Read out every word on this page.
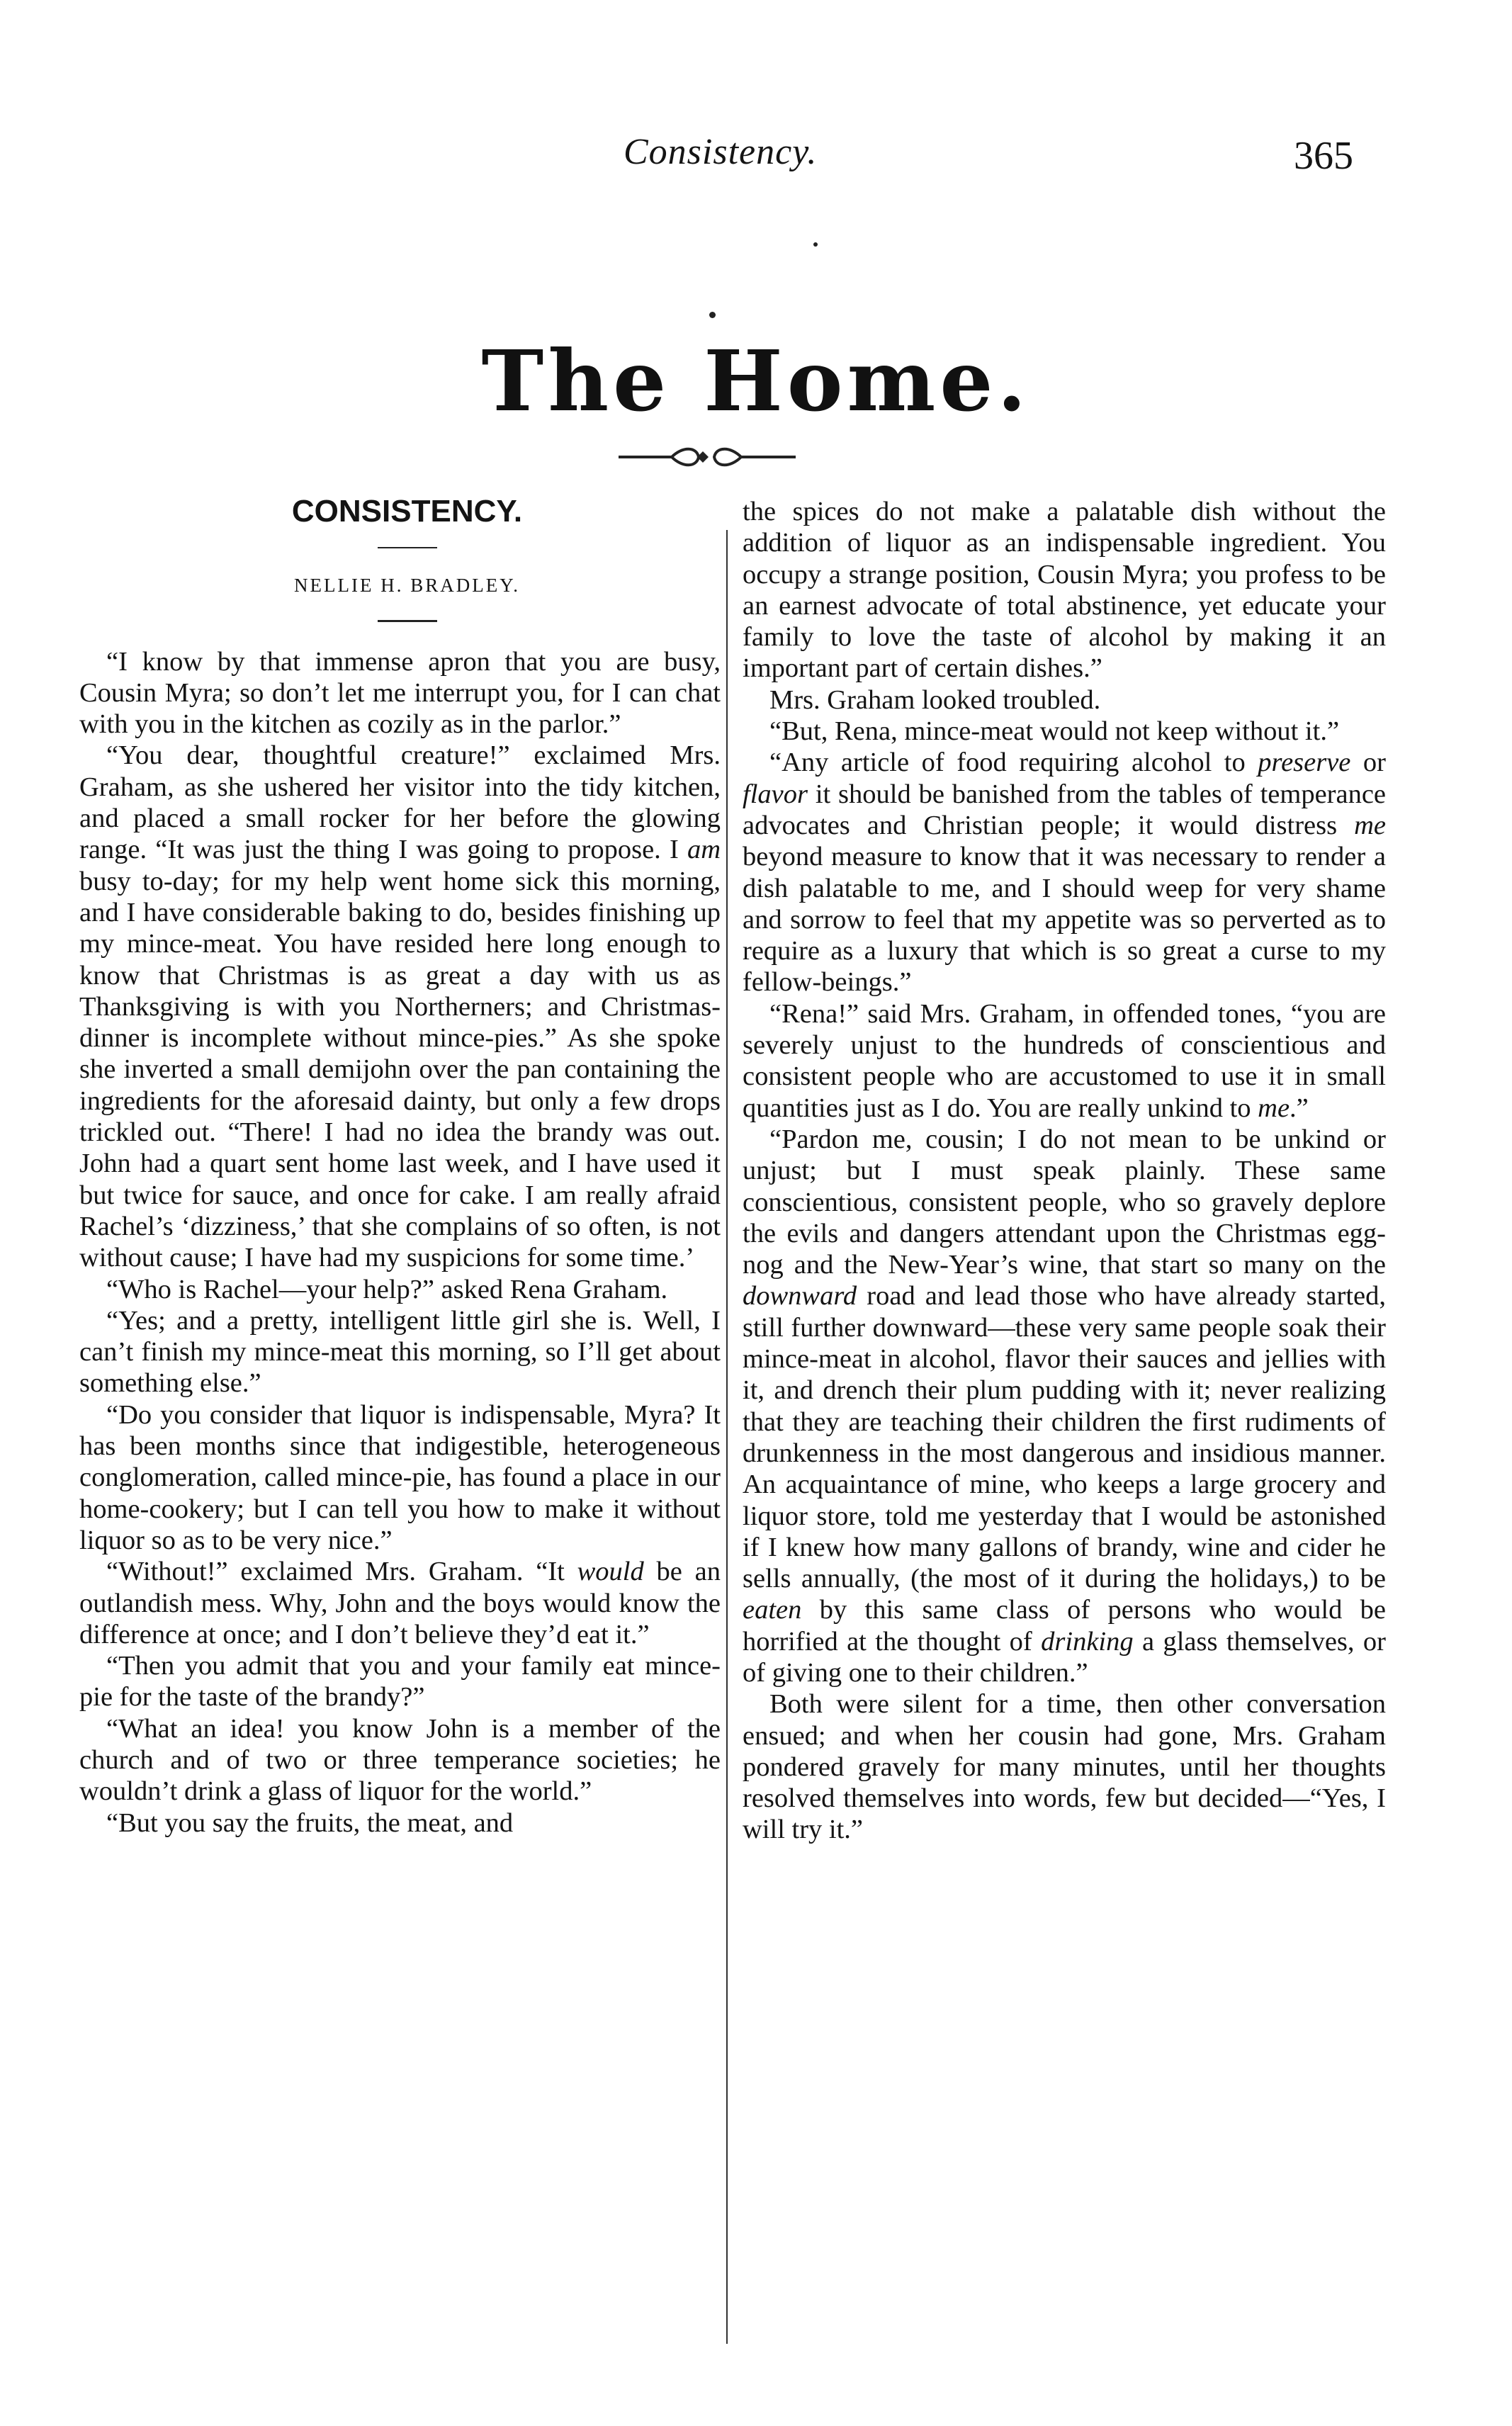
Consistency.	365
The Home.
CONSISTENCY.
NELLIE H. BRADLEY.

“I know by that immense apron that you are busy, Cousin Myra; so don’t let me interrupt you, for I can chat with you in the kitchen as cozily as in the parlor.”

“You dear, thoughtful creature!” exclaimed Mrs. Graham, as she ushered her visitor into the tidy kitchen, and placed a small rocker for her before the glowing range. “It was just the thing I was going to propose. I am busy to-day; for my help went home sick this morning, and I have considerable baking to do, besides finishing up my mince-meat. You have resided here long enough to know that Christmas is as great a day with us as Thanksgiving is with you Northerners; and Christmas-dinner is incomplete without mince-pies.” As she spoke she inverted a small demijohn over the pan containing the ingredients for the aforesaid dainty, but only a few drops trickled out. “There! I had no idea the brandy was out. John had a quart sent home last week, and I have used it but twice for sauce, and once for cake. I am really afraid Rachel’s ‘dizziness,’ that she complains of so often, is not without cause; I have had my suspicions for some time.’

“Who is Rachel—your help?” asked Rena Graham.

“Yes; and a pretty, intelligent little girl she is. Well, I can’t finish my mince-meat this morning, so I’ll get about something else.”

“Do you consider that liquor is indispensable, Myra? It has been months since that indigestible, heterogeneous conglomeration, called mince-pie, has found a place in our home-cookery; but I can tell you how to make it without liquor so as to be very nice.”

“Without!” exclaimed Mrs. Graham. “It would be an outlandish mess. Why, John and the boys would know the difference at once; and I don’t believe they’d eat it.”

“Then you admit that you and your family eat mince-pie for the taste of the brandy?”

“What an idea! you know John is a member of the church and of two or three temperance societies; he wouldn’t drink a glass of liquor for the world.”

“But you say the fruits, the meat, and

the spices do not make a palatable dish without the addition of liquor as an indispensable ingredient. You occupy a strange position, Cousin Myra; you profess to be an earnest advocate of total abstinence, yet educate your family to love the taste of alcohol by making it an important part of certain dishes.”

Mrs. Graham looked troubled.

“But, Rena, mince-meat would not keep without it.”

“Any article of food requiring alcohol to preserve or flavor it should be banished from the tables of temperance advocates and Christian people; it would distress me beyond measure to know that it was necessary to render a dish palatable to me, and I should weep for very shame and sorrow to feel that my appetite was so perverted as to require as a luxury that which is so great a curse to my fellow-beings.”

“Rena!” said Mrs. Graham, in offended tones, “you are severely unjust to the hundreds of conscientious and consistent people who are accustomed to use it in small quantities just as I do. You are really unkind to me.”

“Pardon me, cousin; I do not mean to be unkind or unjust; but I must speak plainly. These same conscientious, consistent people, who so gravely deplore the evils and dangers attendant upon the Christmas egg-nog and the New-Year’s wine, that start so many on the downward road and lead those who have already started, still further downward—these very same people soak their mince-meat in alcohol, flavor their sauces and jellies with it, and drench their plum pudding with it; never realizing that they are teaching their children the first rudiments of drunkenness in the most dangerous and insidious manner. An acquaintance of mine, who keeps a large grocery and liquor store, told me yesterday that I would be astonished if I knew how many gallons of brandy, wine and cider he sells annually, (the most of it during the holidays,) to be eaten by this same class of persons who would be horrified at the thought of drinking a glass themselves, or of giving one to their children.”

Both were silent for a time, then other conversation ensued; and when her cousin had gone, Mrs. Graham pondered gravely for many minutes, until her thoughts resolved themselves into words, few but decided—“Yes, I will try it.”
